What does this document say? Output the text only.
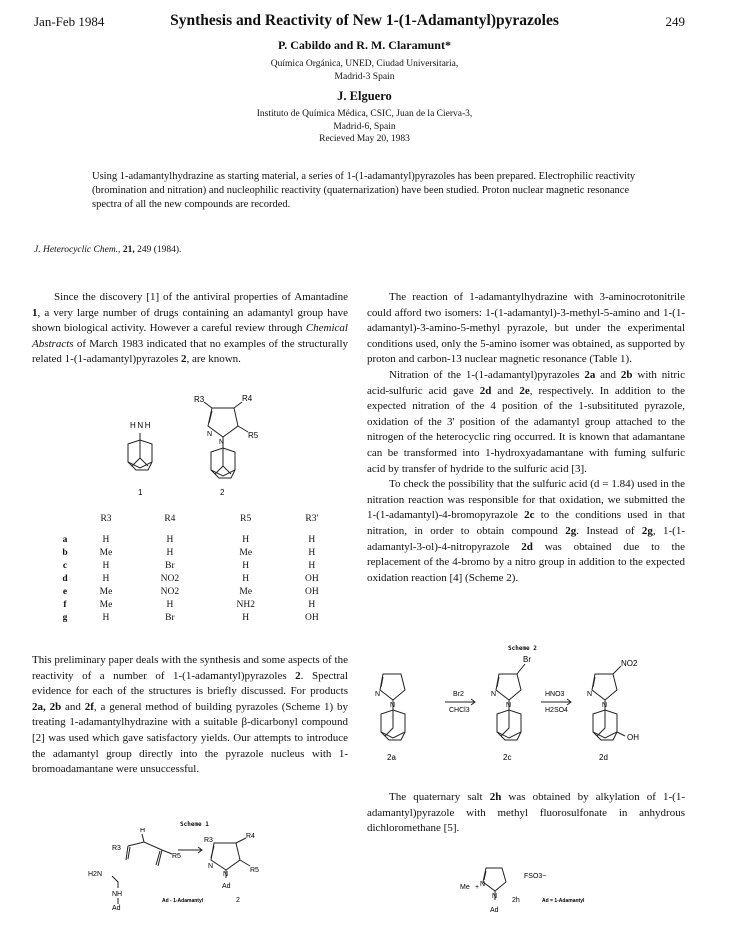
Jan-Feb 1984	Synthesis and Reactivity of New 1-(1-Adamantyl)pyrazoles	249
P. Cabildo and R. M. Claramunt*
Química Orgánica, UNED, Ciudad Universitaria,
Madrid-3 Spain
J. Elguero
Instituto de Química Médica, CSIC, Juan de la Cierva-3,
Madrid-6, Spain
Recieved May 20, 1983
Using 1-adamantylhydrazine as starting material, a series of 1-(1-adamantyl)pyrazoles has been prepared. Electrophilic reactivity (bromination and nitration) and nucleophilic reactivity (quaternarization) have been studied. Proton nuclear magnetic resonance spectra of all the new compounds are recorded.
J. Heterocyclic Chem., 21, 249 (1984).

Since the discovery [1] of the antiviral properties of Amantadine 1, a very large number of drugs containing an adamantyl group have shown biological activity. However a careful review through Chemical Abstracts of March 1983 indicated that no examples of the structurally related 1-(1-adamantyl)pyrazoles 2, are known.

H N H
R3	R4
R5
N
N
1	2
	R3	R4	R5	R3'

a	H	H	H	H
b	Me	H	Me	H
c	H	Br	H	H
d	H	NO2	H	OH
e	Me	NO2	Me	OH
f	Me	H	NH2	H
g	H	Br	H	OH

This preliminary paper deals with the synthesis and some aspects of the reactivity of a number of 1-(1-adamantyl)pyrazoles 2. Spectral evidence for each of the structures is briefly discussed. For products 2a, 2b and 2f, a general method of building pyrazoles (Scheme 1) by treating 1-adamantylhydrazine with a suitable β-dicarbonyl compound [2] was used which gave satisfactory yields. Our attempts to introduce the adamantyl group directly into the pyrazole nucleus with 1-bromoadamantane were unsuccessful.

Scheme 1
R3
H
R5
R3
R4
R5
N
N
Ad
H2N
NH
Ad
Ad - 1-Adamantyl	2

The reaction of 1-adamantylhydrazine with 3-aminocrotonitrile could afford two isomers: 1-(1-adamantyl)-3-methyl-5-amino and 1-(1-adamantyl)-3-amino-5-methyl pyrazole, but under the experimental conditions used, only the 5-amino isomer was obtained, as supported by proton and carbon-13 nuclear magnetic resonance (Table 1).

Nitration of the 1-(1-adamantyl)pyrazoles 2a and 2b with nitric acid-sulfuric acid gave 2d and 2e, respectively. In addition to the expected nitration of the 4 position of the 1-subsitituted pyrazole, oxidation of the 3' position of the adamantyl group attached to the nitrogen of the heterocyclic ring occurred. It is known that adamantane can be transformed into 1-hydroxyadamantane with fuming sulfuric acid by transfer of hydride to the sulfuric acid [3].

To check the possibility that the sulfuric acid (d = 1.84) used in the nitration reaction was responsible for that oxidation, we submitted the 1-(1-adamantyl)-4-bromopyrazole 2c to the conditions used in that nitration, in order to obtain compound 2g. Instead of 2g, 1-(1-adamantyl-3-ol)-4-nitropyrazole 2d was obtained due to the replacement of the 4-bromo by a nitro group in addition to the expected oxidation reaction [4] (Scheme 2).

Scheme 2
N
N
N
N
N
N
Br	NO2
OH
Br2
CHCl3
HNO3
H2SO4
2a	2c	2d

The quaternary salt 2h was obtained by alkylation of 1-(1-adamantyl)pyrazole with methyl fluorosulfonate in anhydrous dichloromethane [5].

Me + N
N
Ad
FSO3−
2h	Ad = 1-Adamantyl
